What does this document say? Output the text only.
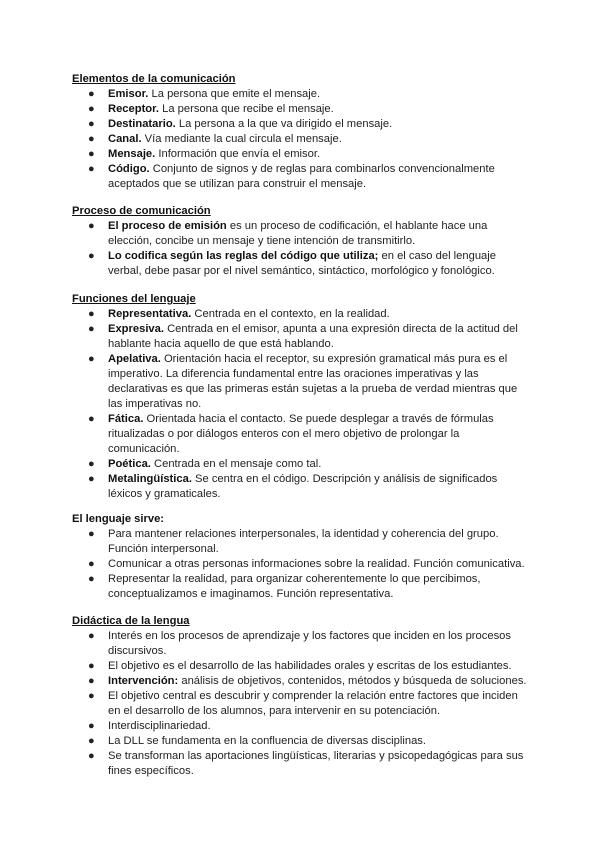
Elementos de la comunicación
● Emisor. La persona que emite el mensaje.
● Receptor. La persona que recibe el mensaje.
● Destinatario. La persona a la que va dirigido el mensaje.
● Canal. Vía mediante la cual circula el mensaje.
● Mensaje. Información que envía el emisor.
● Código. Conjunto de signos y de reglas para combinarlos convencionalmente aceptados que se utilizan para construir el mensaje.
Proceso de comunicación
● El proceso de emisión es un proceso de codificación, el hablante hace una elección, concibe un mensaje y tiene intención de transmitirlo.
● Lo codifica según las reglas del código que utiliza; en el caso del lenguaje verbal, debe pasar por el nivel semántico, sintáctico, morfológico y fonológico.
Funciones del lenguaje
● Representativa. Centrada en el contexto, en la realidad.
● Expresiva. Centrada en el emisor, apunta a una expresión directa de la actitud del hablante hacia aquello de que está hablando.
● Apelativa. Orientación hacia el receptor, su expresión gramatical más pura es el imperativo. La diferencia fundamental entre las oraciones imperativas y las declarativas es que las primeras están sujetas a la prueba de verdad mientras que las imperativas no.
● Fática. Orientada hacia el contacto. Se puede desplegar a través de fórmulas ritualizadas o por diálogos enteros con el mero objetivo de prolongar la comunicación.
● Poética. Centrada en el mensaje como tal.
● Metalingüística. Se centra en el código. Descripción y análisis de significados léxicos y gramaticales.
El lenguaje sirve:
● Para mantener relaciones interpersonales, la identidad y coherencia del grupo. Función interpersonal.
● Comunicar a otras personas informaciones sobre la realidad. Función comunicativa.
● Representar la realidad, para organizar coherentemente lo que percibimos, conceptualizamos e imaginamos. Función representativa.
Didáctica de la lengua
● Interés en los procesos de aprendizaje y los factores que inciden en los procesos discursivos.
● El objetivo es el desarrollo de las habilidades orales y escritas de los estudiantes.
● Intervención: análisis de objetivos, contenidos, métodos y búsqueda de soluciones.
● El objetivo central es descubrir y comprender la relación entre factores que inciden en el desarrollo de los alumnos, para intervenir en su potenciación.
● Interdisciplinariedad.
● La DLL se fundamenta en la confluencia de diversas disciplinas.
● Se transforman las aportaciones lingüísticas, literarias y psicopedagógicas para sus fines específicos.
